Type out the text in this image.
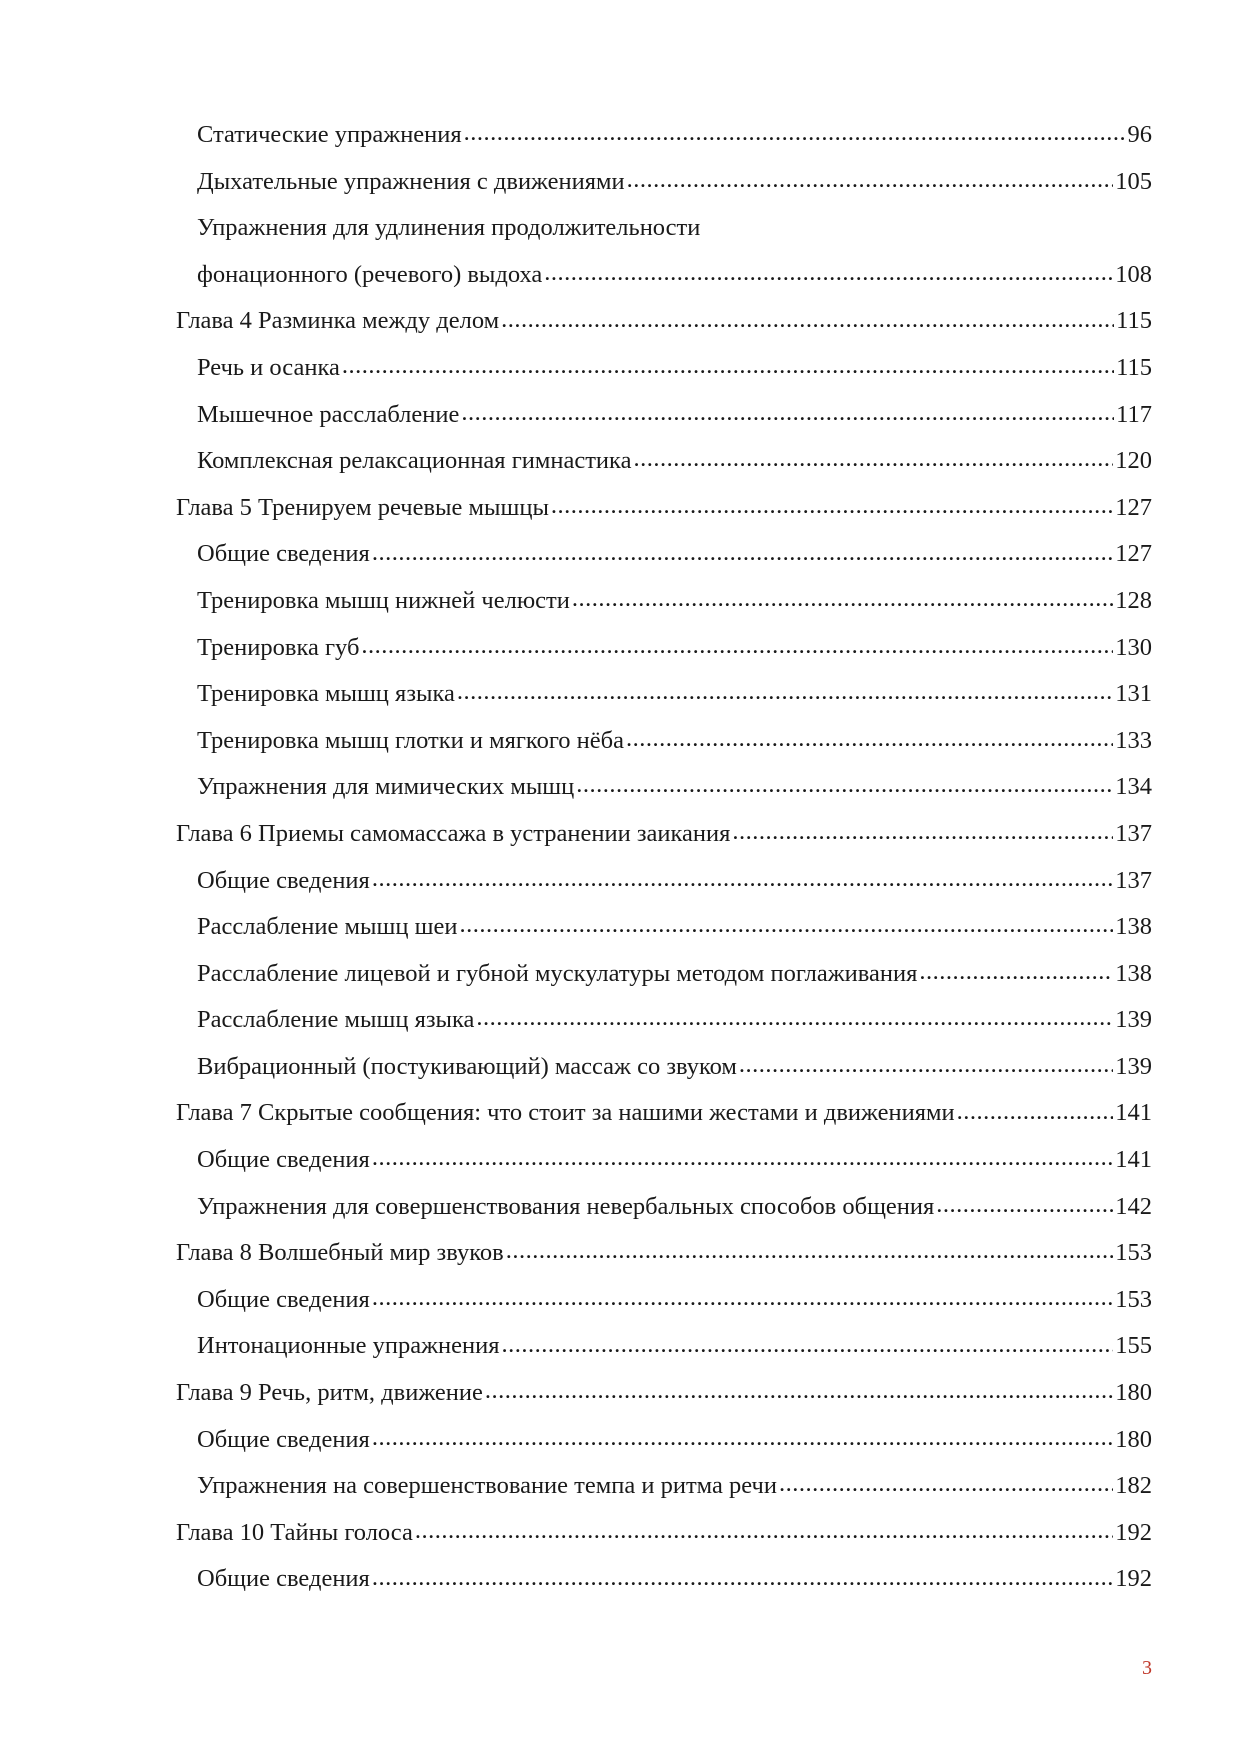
Статические упражнения .....	96
Дыхательные упражнения с движениями .....	105
Упражнения для удлинения продолжительности
фонационного (речевого) выдоха .....	108
Глава 4 Разминка между делом .....	115
Речь и осанка .....	115
Мышечное расслабление .....	117
Комплексная релаксационная гимнастика .....	120
Глава 5 Тренируем речевые мышцы .....	127
Общие сведения .....	127
Тренировка мышц нижней челюсти .....	128
Тренировка губ .....	130
Тренировка мышц языка .....	131
Тренировка мышц глотки и мягкого нёба .....	133
Упражнения для мимических мышц .....	134
Глава 6 Приемы самомассажа в устранении заикания .....	137
Общие сведения .....	137
Расслабление мышц шеи .....	138
Расслабление лицевой и губной мускулатуры методом поглаживания .....	138
Расслабление мышц языка .....	139
Вибрационный (постукивающий) массаж со звуком .....	139
Глава 7 Скрытые сообщения: что стоит за нашими жестами и движениями .....	141
Общие сведения .....	141
Упражнения для совершенствования невербальных способов общения .....	142
Глава 8 Волшебный мир звуков .....	153
Общие сведения .....	153
Интонационные упражнения .....	155
Глава 9 Речь, ритм, движение .....	180
Общие сведения .....	180
Упражнения на совершенствование темпа и ритма речи .....	182
Глава 10 Тайны голоса .....	192
Общие сведения .....	192
3
